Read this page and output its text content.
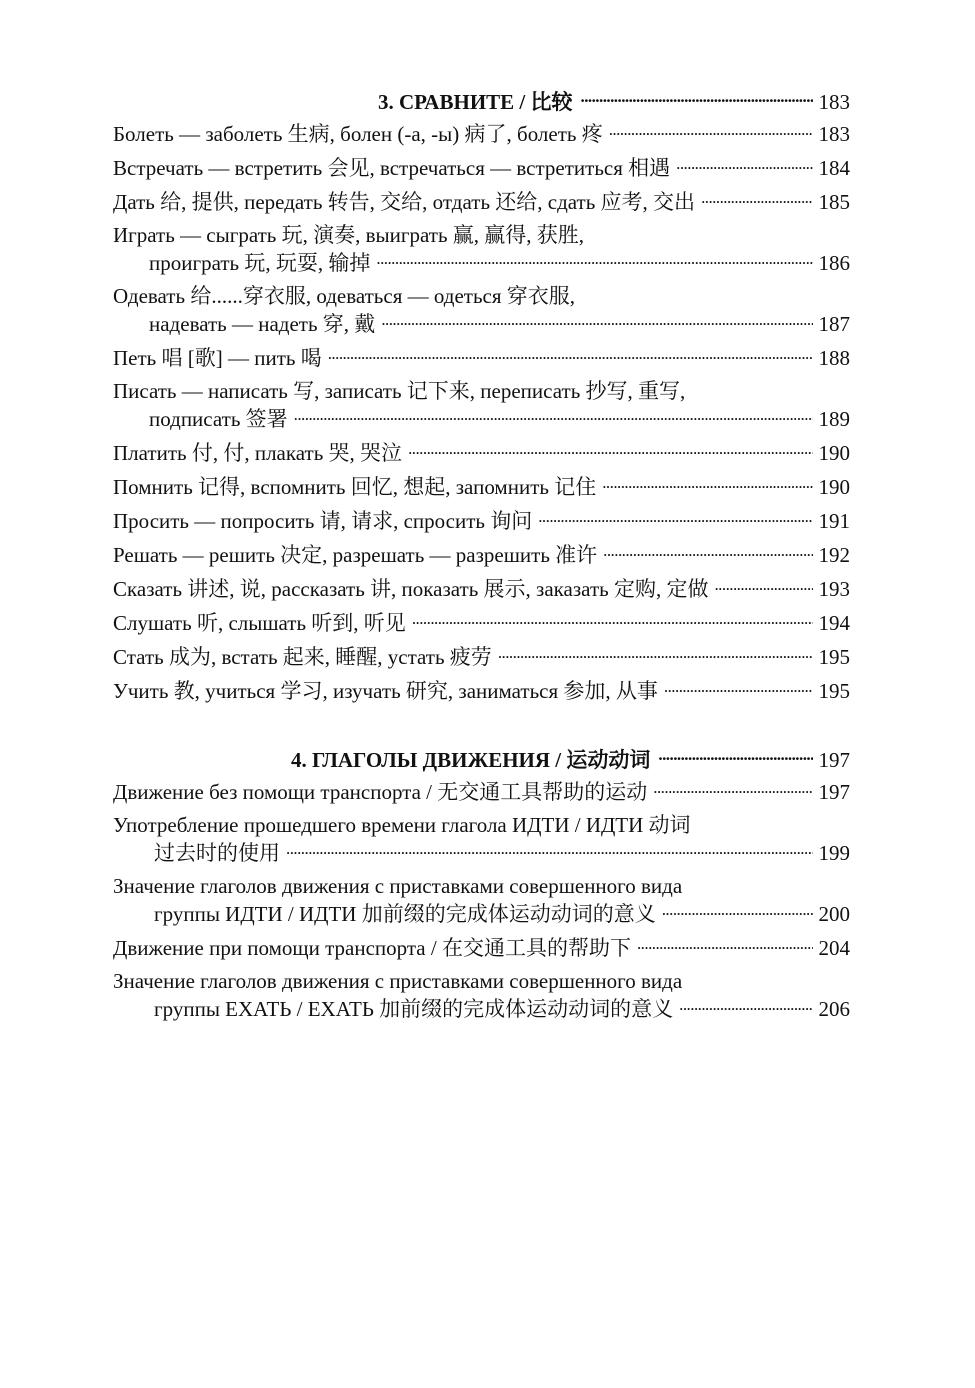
3. СРАВНИТЕ / 比较 . . .	183
Болеть — заболеть 生病, болен (-а, -ы) 病了, болеть 疼 . . .	183
Встречать — встретить 会见, встречаться — встретиться 相遇 . . .	184
Дать 给, 提供, передать 转告, 交给, отдать 还给, сдать 应考, 交出 . . .	185
Играть — сыграть 玩, 演奏, выиграть 赢, 赢得, 获胜,
проиграть 玩, 玩耍, 输掉 . . .	186
Одевать 给......穿衣服, одеваться — одеться 穿衣服,
надевать — надеть 穿, 戴 . . .	187
Петь 唱 [歌] — пить 喝 . . .	188
Писать — написать 写, записать 记下来, переписать 抄写, 重写,
подписать 签署 . . .	189
Платить 付, 付, плакать 哭, 哭泣 . . .	190
Помнить 记得, вспомнить 回忆, 想起, запомнить 记住 . . .	190
Просить — попросить 请, 请求, спросить 询问 . . .	191
Решать — решить 决定, разрешать — разрешить 准许 . . .	192
Сказать 讲述, 说, рассказать 讲, показать 展示, заказать 定购, 定做 . . .	193
Слушать 听, слышать 听到, 听见 . . .	194
Стать 成为, встать 起来, 睡醒, устать 疲劳 . . .	195
Учить 教, учиться 学习, изучать 研究, заниматься 参加, 从事 . . .	195
4. ГЛАГОЛЫ ДВИЖЕНИЯ / 运动动词 . . .	197
Движение без помощи транспорта / 无交通工具帮助的运动 . . .	197
Употребление прошедшего времени глагола ИДТИ / ИДТИ 动词
过去时的使用 . . .	199
Значение глаголов движения с приставками совершенного вида
группы ИДТИ / ИДТИ 加前缀的完成体运动动词的意义 . . .	200
Движение при помощи транспорта / 在交通工具的帮助下 . . .	204
Значение глаголов движения с приставками совершенного вида
группы ЕХАТЬ / ЕХАТЬ 加前缀的完成体运动动词的意义 . . .	206
